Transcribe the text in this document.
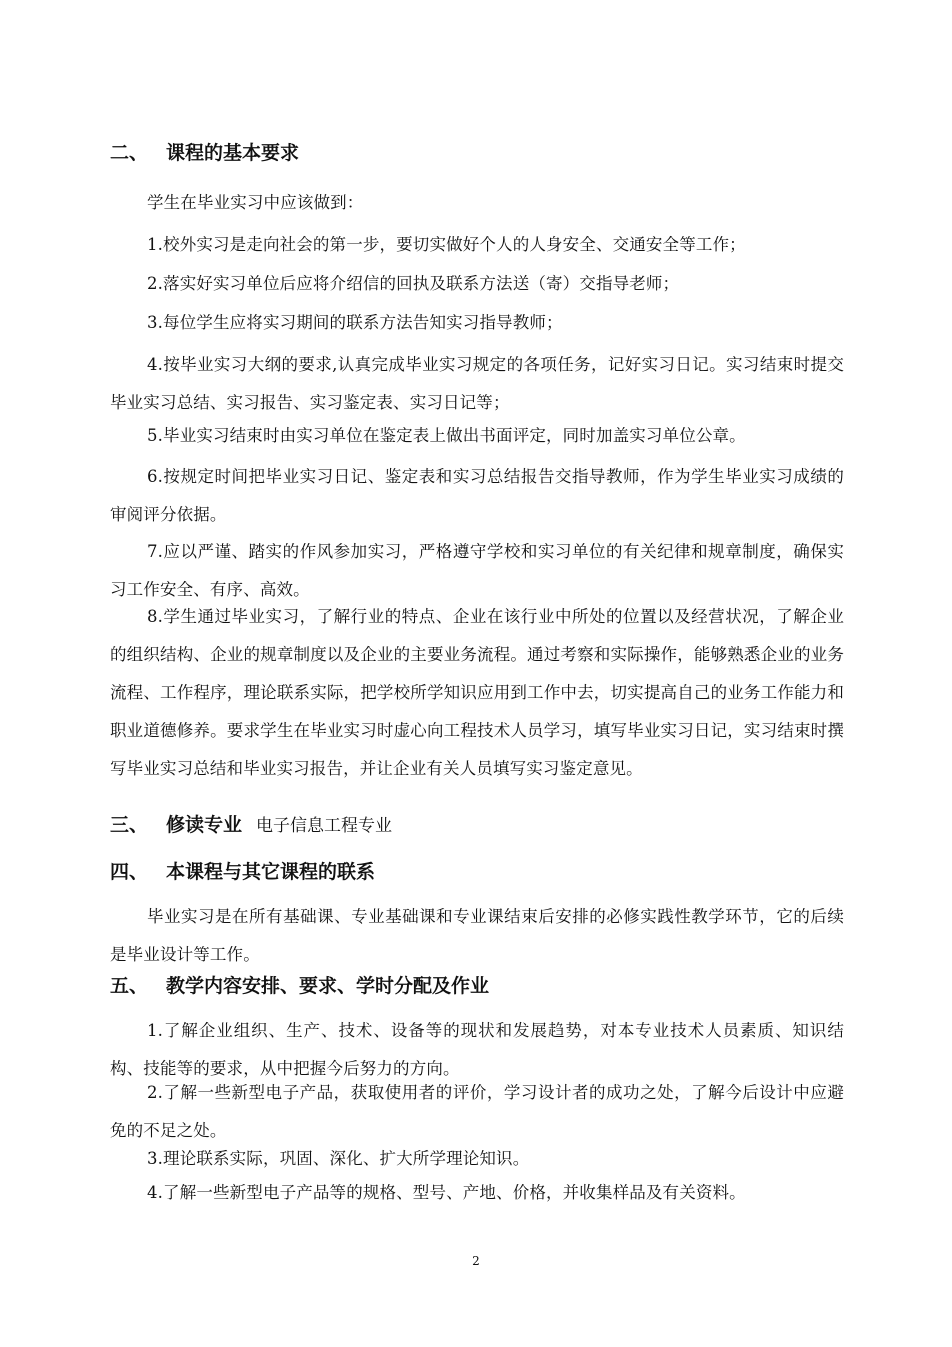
二、 课程的基本要求
学生在毕业实习中应该做到：
1.校外实习是走向社会的第一步，要切实做好个人的人身安全、交通安全等工作；
2.落实好实习单位后应将介绍信的回执及联系方法送（寄）交指导老师；
3.每位学生应将实习期间的联系方法告知实习指导教师；
4.按毕业实习大纲的要求,认真完成毕业实习规定的各项任务，记好实习日记。实习结束时提交毕业实习总结、实习报告、实习鉴定表、实习日记等；
5.毕业实习结束时由实习单位在鉴定表上做出书面评定，同时加盖实习单位公章。
6.按规定时间把毕业实习日记、鉴定表和实习总结报告交指导教师，作为学生毕业实习成绩的审阅评分依据。
7.应以严谨、踏实的作风参加实习，严格遵守学校和实习单位的有关纪律和规章制度，确保实习工作安全、有序、高效。
8.学生通过毕业实习，了解行业的特点、企业在该行业中所处的位置以及经营状况，了解企业的组织结构、企业的规章制度以及企业的主要业务流程。通过考察和实际操作，能够熟悉企业的业务流程、工作程序，理论联系实际，把学校所学知识应用到工作中去，切实提高自己的业务工作能力和职业道德修养。要求学生在毕业实习时虚心向工程技术人员学习，填写毕业实习日记，实习结束时撰写毕业实习总结和毕业实习报告，并让企业有关人员填写实习鉴定意见。
三、 修读专业 电子信息工程专业
四、 本课程与其它课程的联系
毕业实习是在所有基础课、专业基础课和专业课结束后安排的必修实践性教学环节，它的后续是毕业设计等工作。
五、 教学内容安排、要求、学时分配及作业
1.了解企业组织、生产、技术、设备等的现状和发展趋势，对本专业技术人员素质、知识结构、技能等的要求，从中把握今后努力的方向。
2.了解一些新型电子产品，获取使用者的评价，学习设计者的成功之处，了解今后设计中应避免的不足之处。
3.理论联系实际，巩固、深化、扩大所学理论知识。
4.了解一些新型电子产品等的规格、型号、产地、价格，并收集样品及有关资料。
2
